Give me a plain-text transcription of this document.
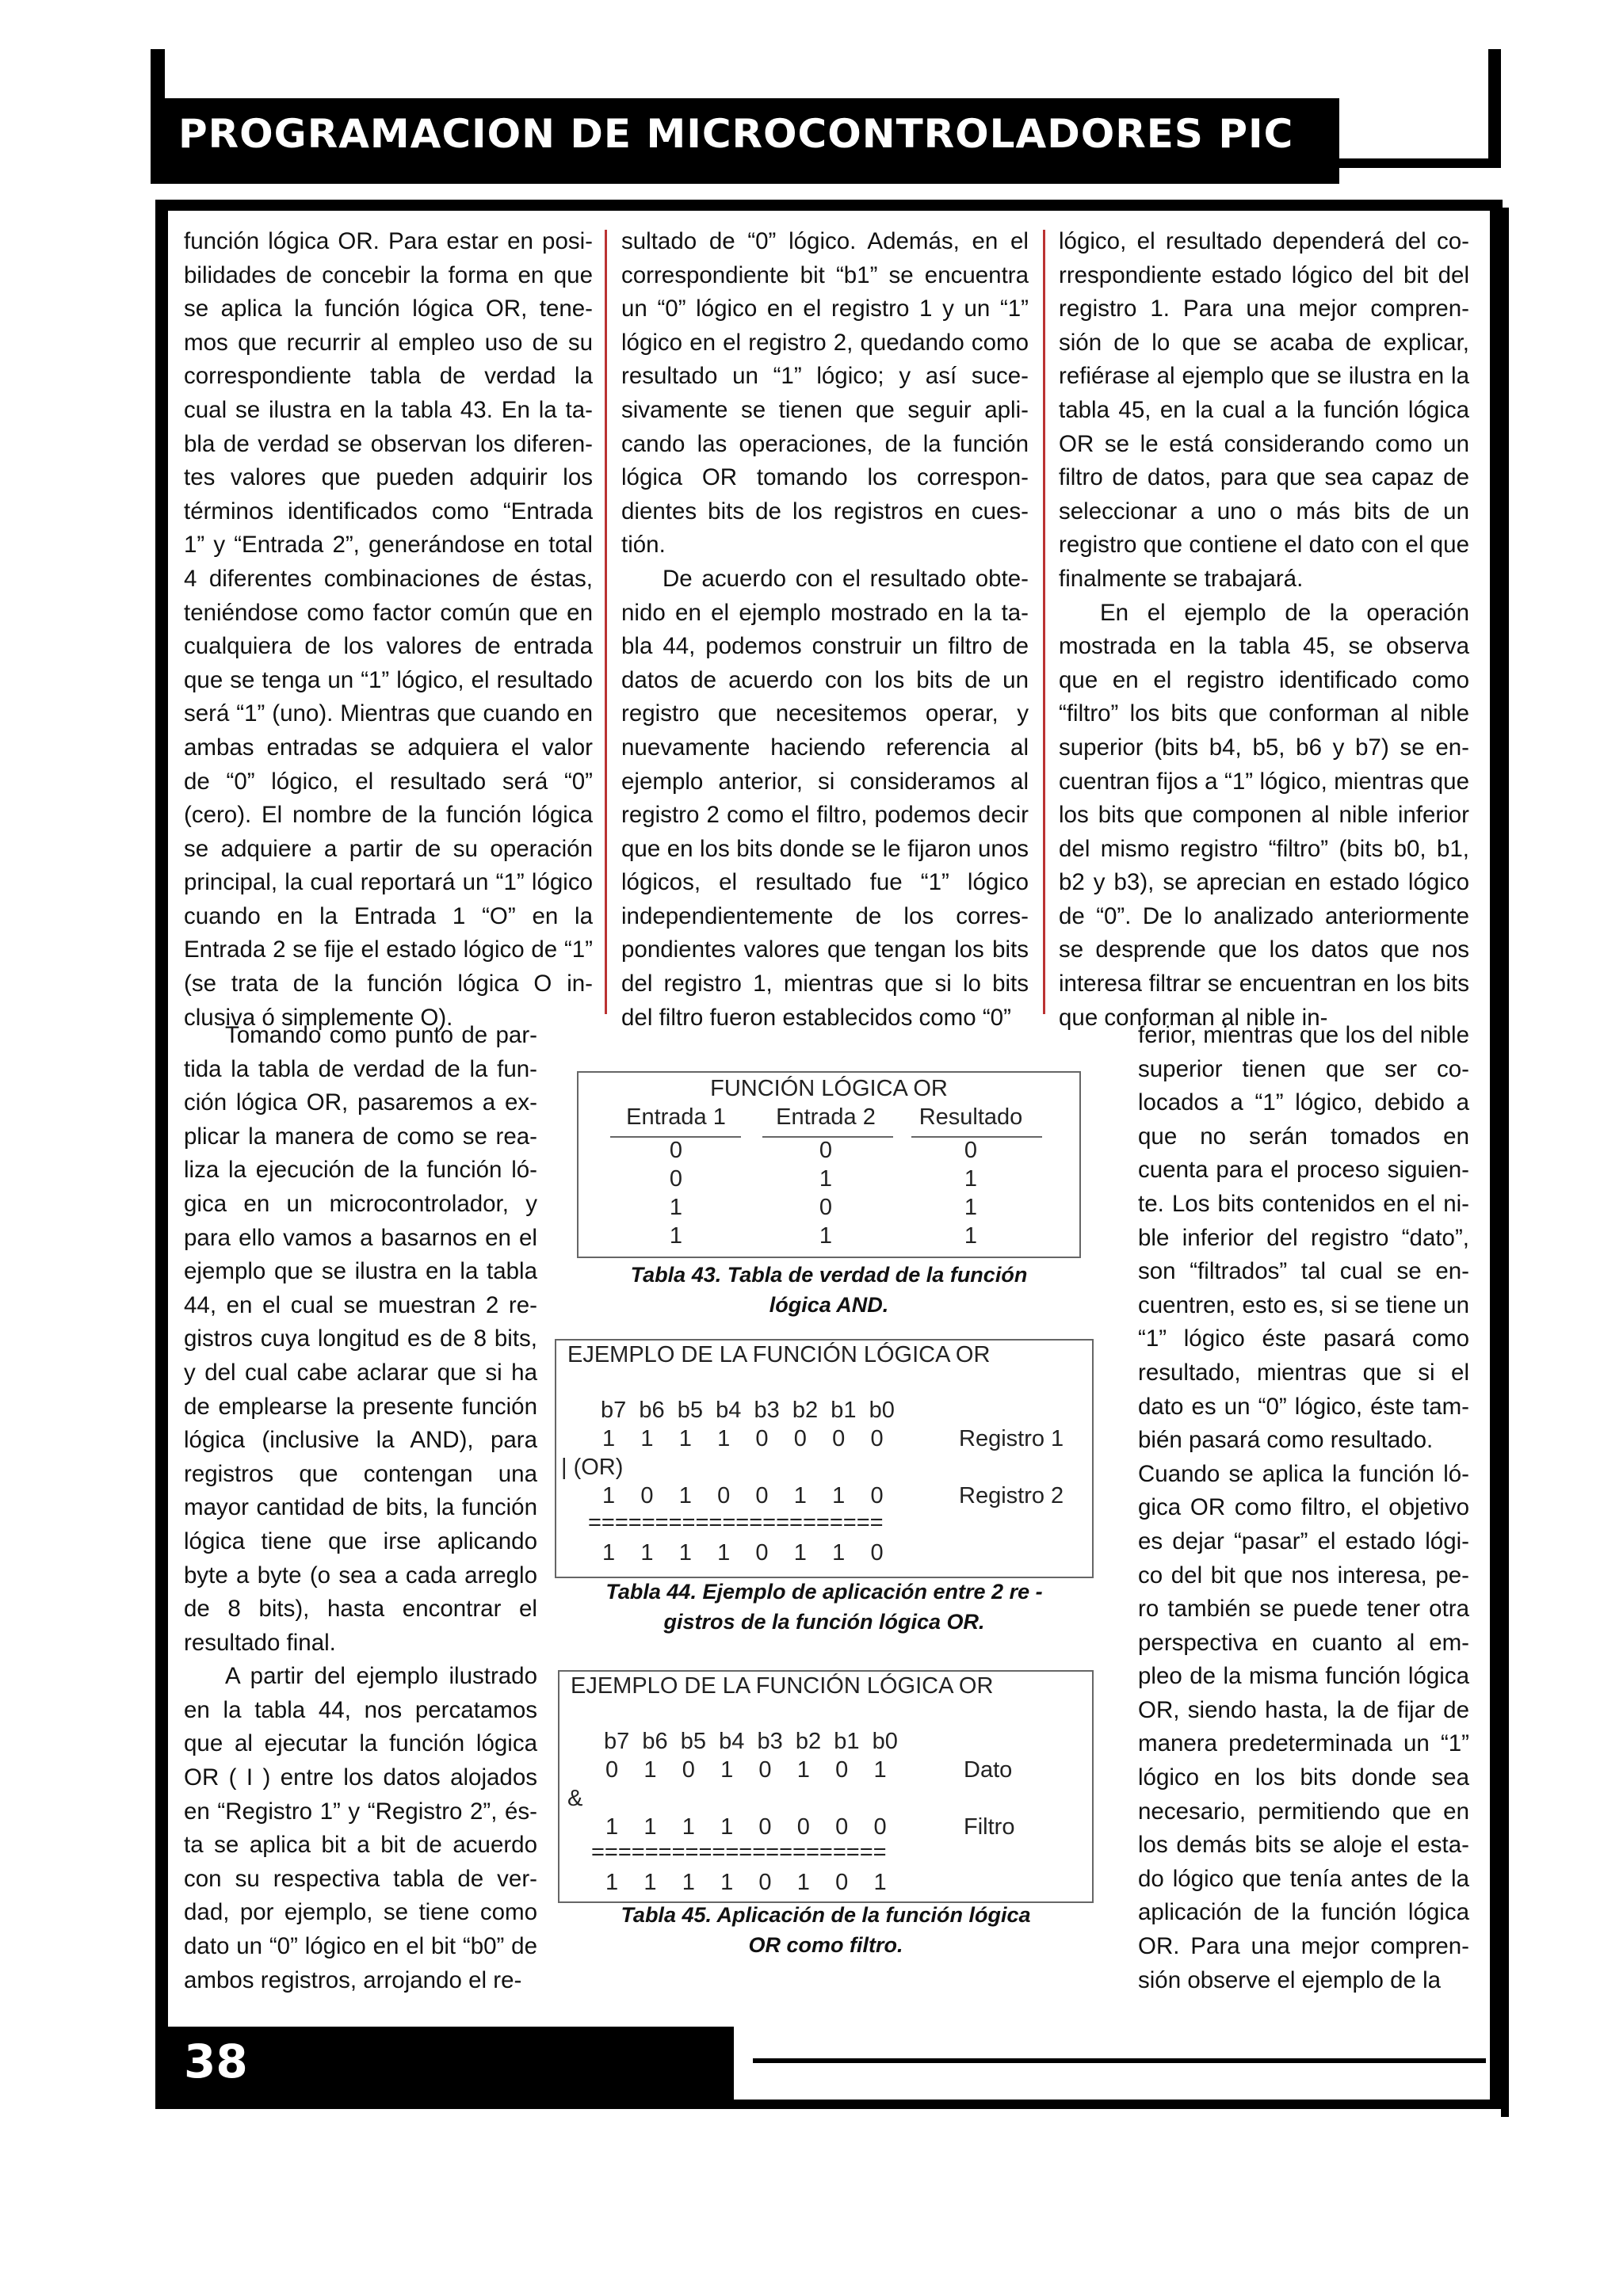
PROGRAMACION DE MICROCONTROLADORES PIC
38

función lógica OR. Para estar en posibilidades de concebir la forma en que se aplica la función lógica OR, tenemos que recurrir al empleo uso de su correspondiente tabla de verdad la cual se ilustra en la tabla 43. En la tabla de verdad se observan los diferentes valores que pueden adquirir los términos identificados como “Entrada 1” y “Entrada 2”, generándose en total 4 diferentes combinaciones de éstas, teniéndose como factor común que en cualquiera de los valores de entrada que se tenga un “1” lógico, el resultado será “1” (uno). Mientras que cuando en ambas entradas se adquiera el valor de “0” lógico, el resultado será “0” (cero). El nombre de la función lógica se adquiere a partir de su operación principal, la cual reportará un “1” lógico cuando en la Entrada 1 “O” en la Entrada 2 se fije el estado lógico de “1” (se trata de la función lógica O inclusiva ó simplemente O).

Tomando como punto de partida la tabla de verdad de la función lógica OR, pasaremos a explicar la manera de como se realiza la ejecución de la función lógica en un microcontrolador, y para ello vamos a basarnos en el ejemplo que se ilustra en la tabla 44, en el cual se muestran 2 registros cuya longitud es de 8 bits, y del cual cabe aclarar que si ha de emplearse la presente función lógica (inclusive la AND), para registros que contengan una mayor cantidad de bits, la función lógica tiene que irse aplicando byte a byte (o sea a cada arreglo de 8 bits), hasta encontrar el resultado final.

A partir del ejemplo ilustrado en la tabla 44, nos percatamos que al ejecutar la función lógica OR ( I ) entre los datos alojados en “Registro 1” y “Registro 2”, ésta se aplica bit a bit de acuerdo con su respectiva tabla de verdad, por ejemplo, se tiene como dato un “0” lógico en el bit “b0” de ambos registros, arrojando el re-

sultado de “0” lógico. Además, en el correspondiente bit “b1” se encuentra un “0” lógico en el registro 1 y un “1” lógico en el registro 2, quedando como resultado un “1” lógico; y así sucesivamente se tienen que seguir aplicando las operaciones, de la función lógica OR tomando los correspondientes bits de los registros en cuestión.

De acuerdo con el resultado obtenido en el ejemplo mostrado en la tabla 44, podemos construir un filtro de datos de acuerdo con los bits de un registro que necesitemos operar, y nuevamente haciendo referencia al ejemplo anterior, si consideramos al registro 2 como el filtro, podemos decir que en los bits donde se le fijaron unos lógicos, el resultado fue “1” lógico independientemente de los correspondientes valores que tengan los bits del registro 1, mientras que si lo bits del filtro fueron establecidos como “0”

lógico, el resultado dependerá del correspondiente estado lógico del bit del registro 1. Para una mejor comprensión de lo que se acaba de explicar, refiérase al ejemplo que se ilustra en la tabla 45, en la cual a la función lógica OR se le está considerando como un filtro de datos, para que sea capaz de seleccionar a uno o más bits de un registro que contiene el dato con el que finalmente se trabajará.

En el ejemplo de la operación mostrada en la tabla 45, se observa que en el registro identificado como “filtro” los bits que conforman al nible superior (bits b4, b5, b6 y b7) se encuentran fijos a “1” lógico, mientras que los bits que componen al nible inferior del mismo registro “filtro” (bits b0, b1, b2 y b3), se aprecian en estado lógico de “0”. De lo analizado anteriormente se desprende que los datos que nos interesa filtrar se encuentran en los bits que conforman al nible in-

ferior, mientras que los del nible superior tienen que ser colocados a “1” lógico, debido a que no serán tomados en cuenta para el proceso siguiente. Los bits contenidos en el nible inferior del registro “dato”, son “filtrados” tal cual se encuentren, esto es, si se tiene un “1” lógico éste pasará como resultado, mientras que si el dato es un “0” lógico, éste también pasará como resultado.

Cuando se aplica la función lógica OR como filtro, el objetivo es dejar “pasar” el estado lógico del bit que nos interesa, pero también se puede tener otra perspectiva en cuanto al empleo de la misma función lógica OR, siendo hasta, la de fijar de manera predeterminada un “1” lógico en los bits donde sea necesario, permitiendo que en los demás bits se aloje el estado lógico que tenía antes de la aplicación de la función lógica OR. Para una mejor comprensión observe el ejemplo de la

FUNCIÓN LÓGICA OR
Entrada 1	Entrada 2	Resultado
0	0	0
0	1	1
1	0	1
1	1	1
Tabla 43. Tabla de verdad de la función
lógica AND.
EJEMPLO DE LA FUNCIÓN LÓGICA OR
b7  b6  b5  b4  b3  b2  b1  b0
1    1    1    1    0    0    0    0	Registro 1
| (OR)
1    0    1    0    0    1    1    0	Registro 2
======================
1    1    1    1    0    1    1    0
Tabla 44. Ejemplo de aplicación entre 2 re -
gistros de la función lógica OR.
EJEMPLO DE LA FUNCIÓN LÓGICA OR
b7  b6  b5  b4  b3  b2  b1  b0
0    1    0    1    0    1    0    1	Dato
&
1    1    1    1    0    0    0    0	Filtro
======================
1    1    1    1    0    1    0    1
Tabla 45. Aplicación de la función lógica
OR como filtro.
